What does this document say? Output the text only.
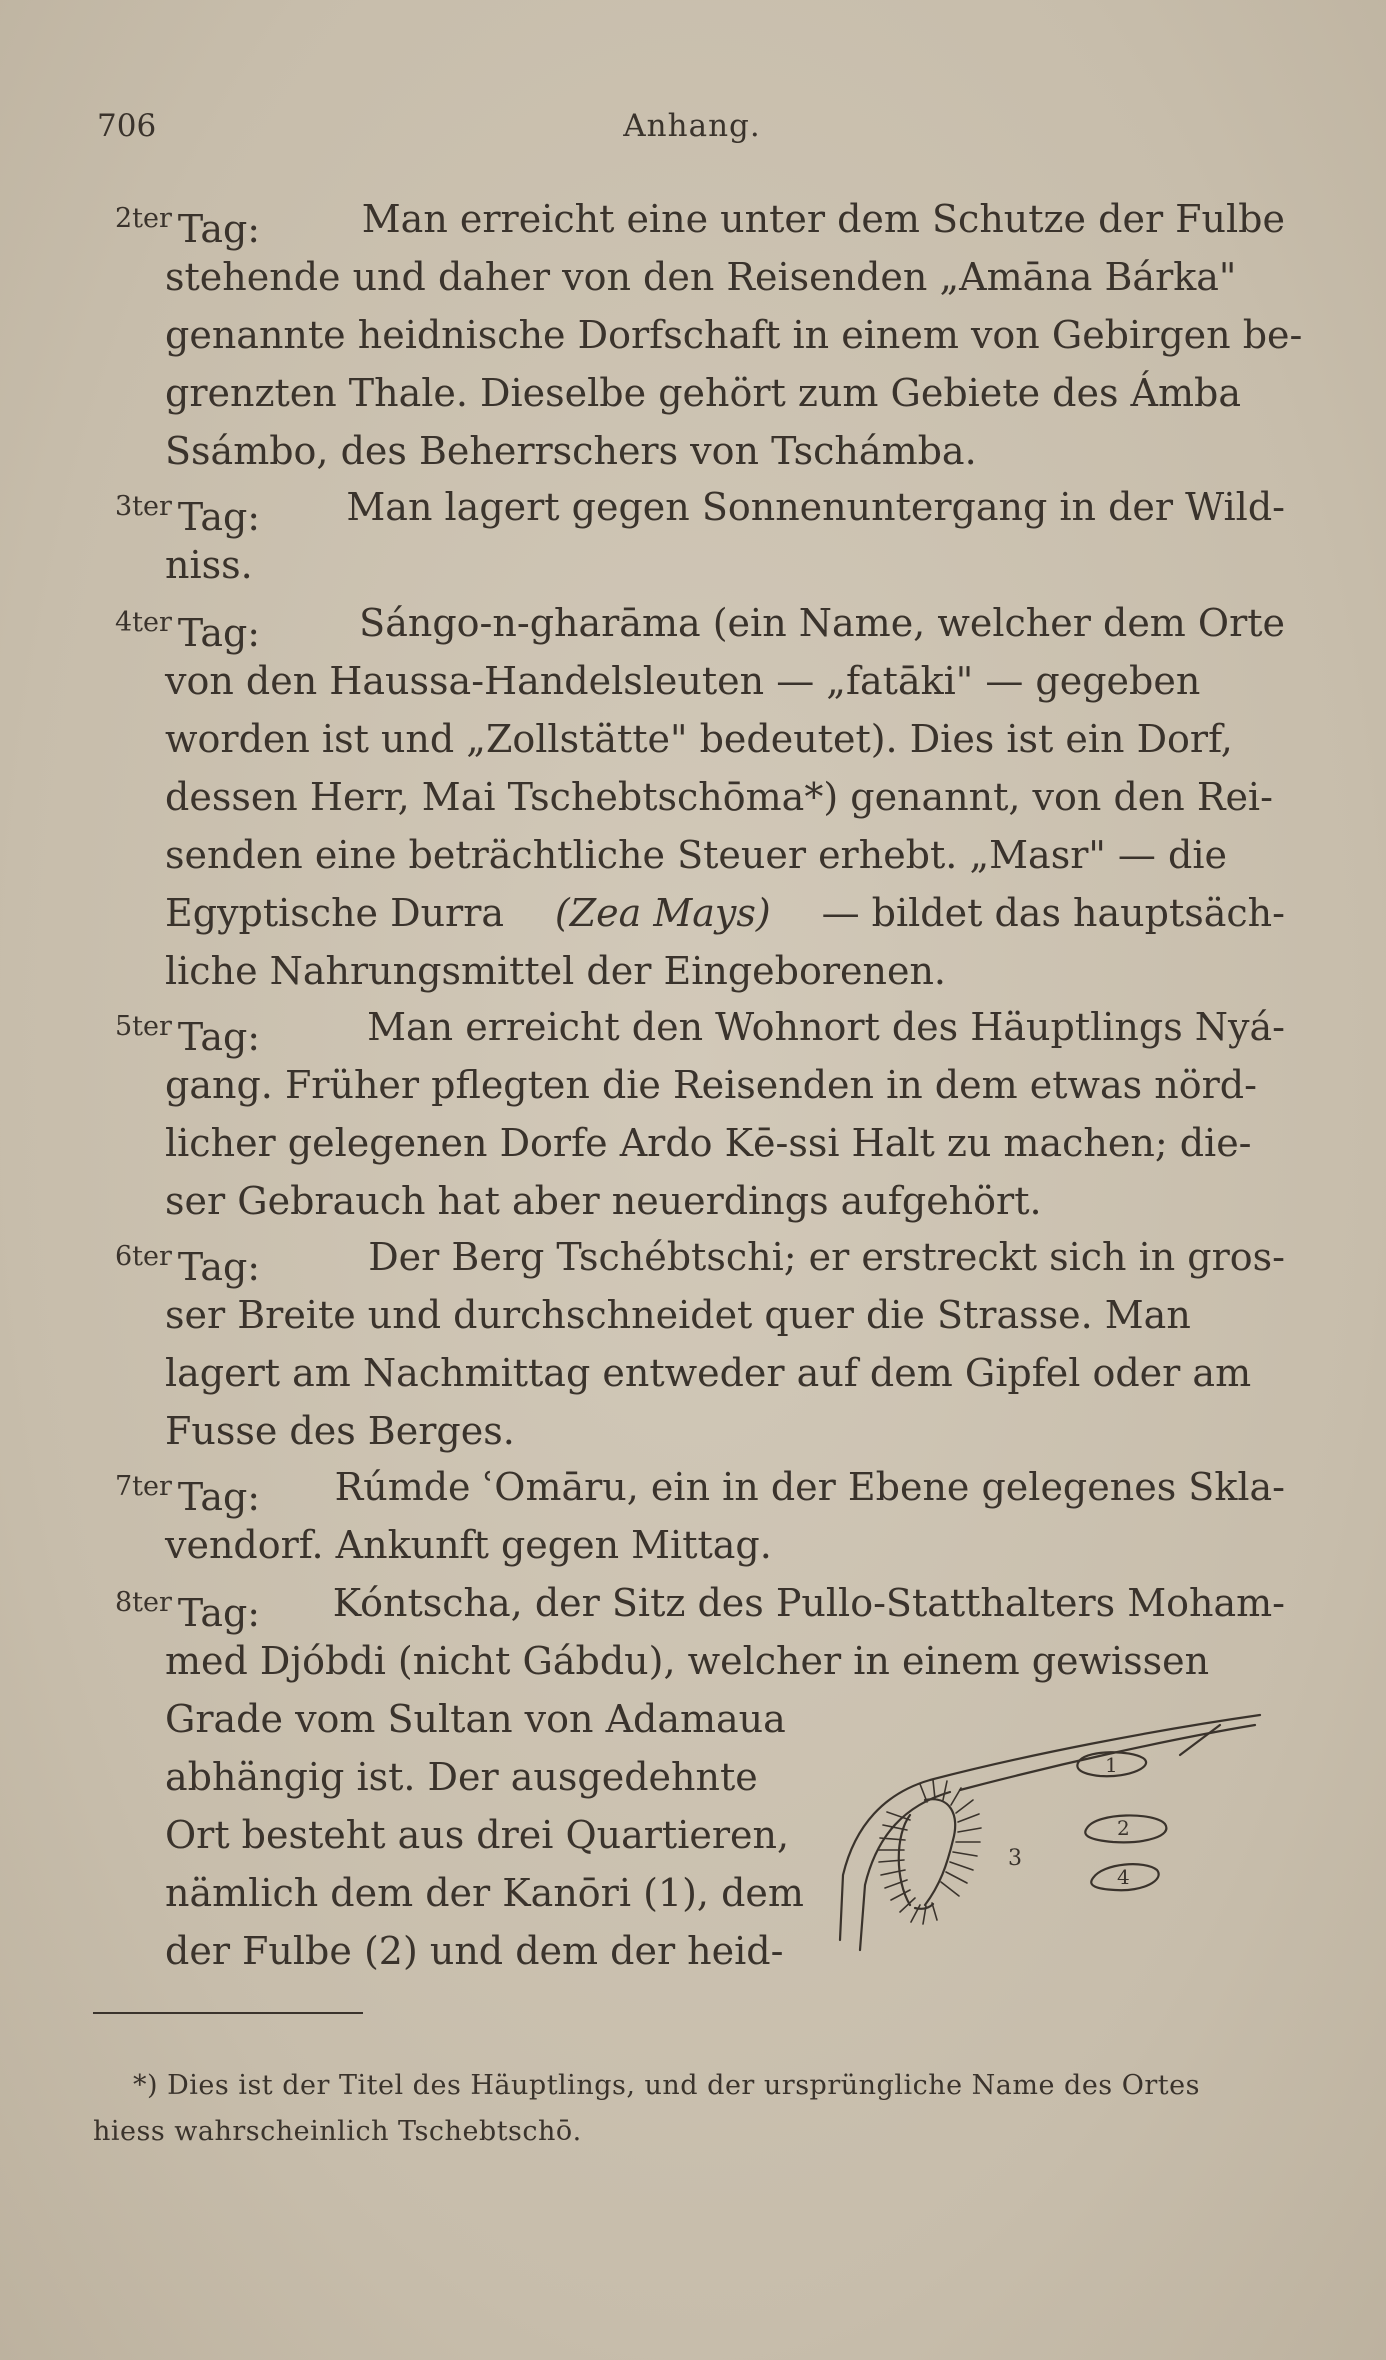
706	Anhang.
$^{2ter}$ Tag:	Man erreicht eine unter dem Schutze der Fulbe
stehende und daher von den Reisenden „Amāna Bárka"
genannte heidnische Dorfschaft in einem von Gebirgen be-
grenzten Thale. Dieselbe gehört zum Gebiete des Ámba
Ssámbo, des Beherrschers von Tschámba.
$^{3ter}$ Tag: Man lagert gegen Sonnenuntergang in der Wild-
niss.
$^{4ter}$ Tag:	Sángo-n-gharāma (ein Name, welcher dem Orte
von den Haussa-Handelsleuten — „fatāki" — gegeben
worden ist und „Zollstätte" bedeutet). Dies ist ein Dorf,
dessen Herr, Mai Tschebtschōma*) genannt, von den Rei-
senden eine beträchtliche Steuer erhebt. „Masr" — die
Egyptische Durra (Zea Mays) — bildet das hauptsäch-
liche Nahrungsmittel der Eingeborenen.
$^{5ter}$ Tag:	Man erreicht den Wohnort des Häuptlings Nyá-
gang. Früher pflegten die Reisenden in dem etwas nörd-
licher gelegenen Dorfe Ardo Kē-ssi Halt zu machen; die-
ser Gebrauch hat aber neuerdings aufgehört.
$^{6ter}$ Tag:	Der Berg Tschébtschi; er erstreckt sich in gros-
ser Breite und durchschneidet quer die Strasse. Man
lagert am Nachmittag entweder auf dem Gipfel oder am
Fusse des Berges.
$^{7ter}$ Tag: Rúmde ʿOmāru, ein in der Ebene gelegenes Skla-
vendorf. Ankunft gegen Mittag.
$^{8ter}$ Tag: Kóntscha, der Sitz des Pullo-Statthalters Moham-
med Djóbdi (nicht Gábdu), welcher in einem gewissen
Grade vom Sultan von Adamaua
abhängig ist. Der ausgedehnte
Ort besteht aus drei Quartieren,
nämlich dem der Kanōri (1), dem
der Fulbe (2) und dem der heid-
1
2
3
4
*) Dies ist der Titel des Häuptlings, und der ursprüngliche Name des Ortes
hiess wahrscheinlich Tschebtschō.
